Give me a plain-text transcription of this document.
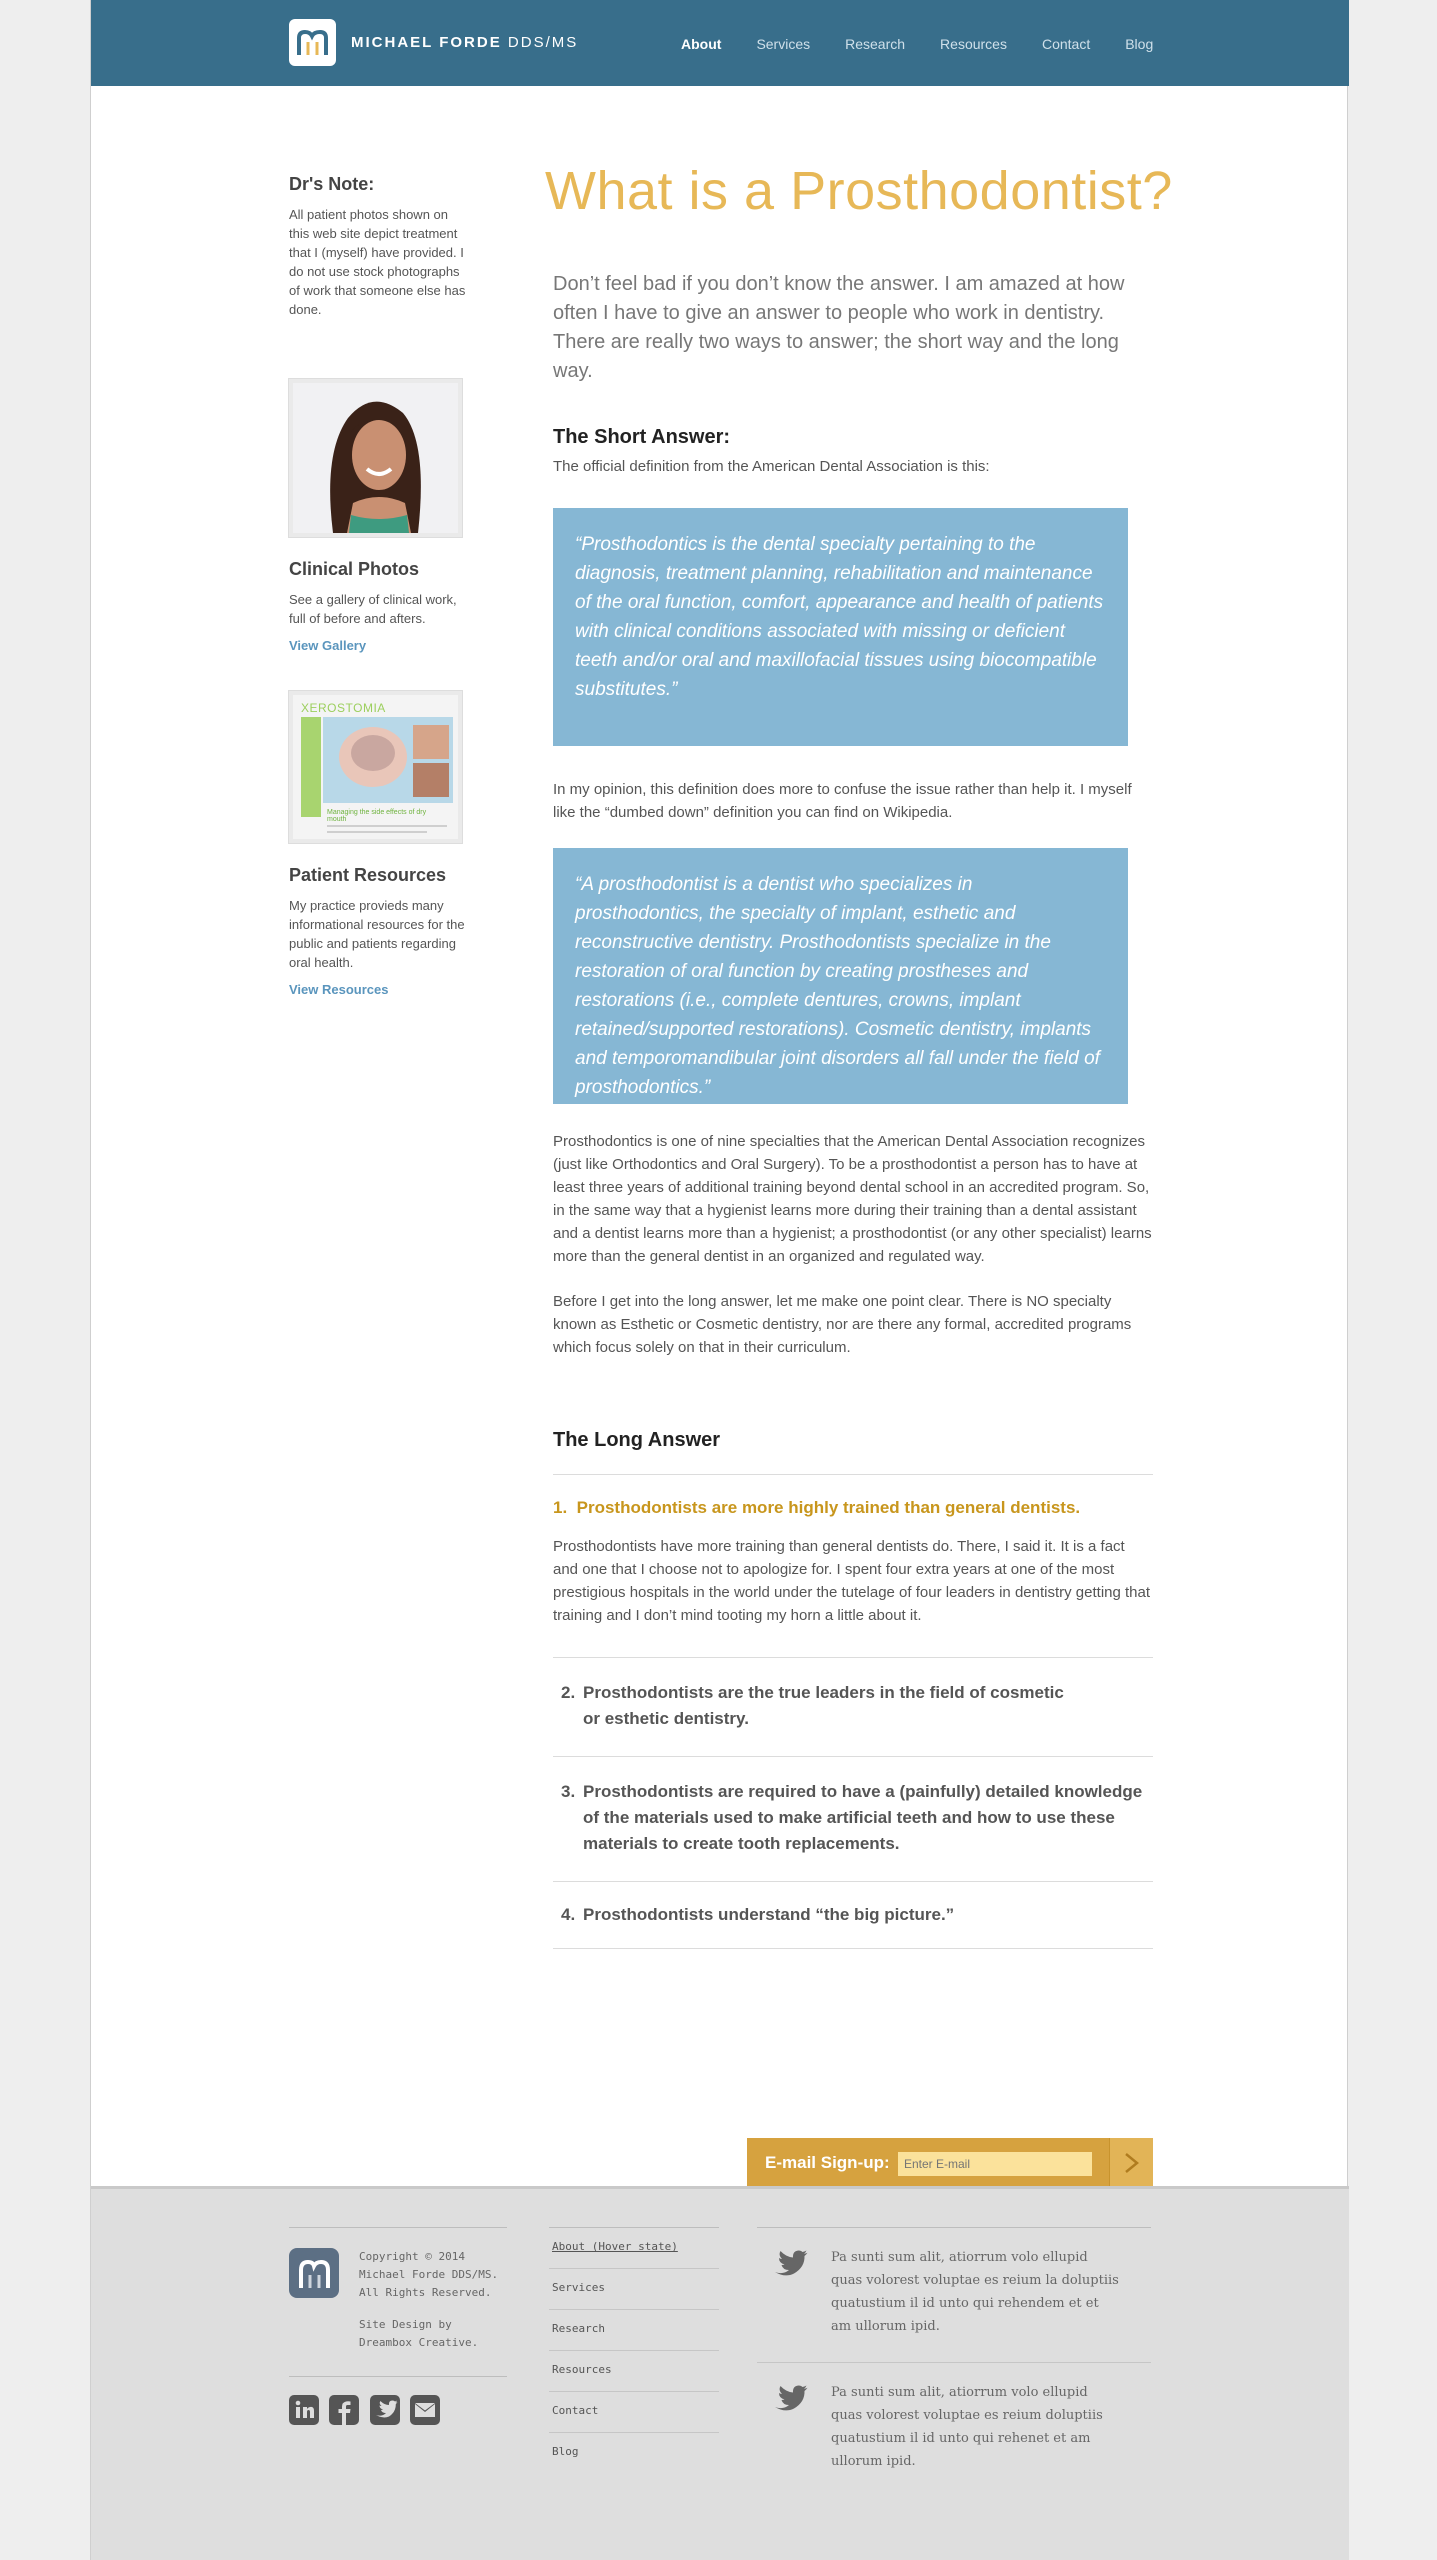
MICHAEL FORDE DDS/MS	About	Services	Research	Resources	Contact	Blog
Dr's Note:

All patient photos shown on this web site depict treatment that I (myself) have provided. I do not use stock photographs of work that someone else has done.

Clinical Photos

See a gallery of clinical work, full of before and afters.

View Gallery
XEROSTOMIA
Managing the side effects of dry mouth
Patient Resources

My practice provieds many informational resources for the public and patients regarding oral health.

View Resources
What is a Prosthodontist?

Don’t feel bad if you don’t know the answer. I am amazed at how often I have to give an answer to people who work in dentistry. There are really two ways to answer; the short way and the long way.

The Short Answer:

The official definition from the American Dental Association is this:

“Prosthodontics is the dental specialty pertaining to the diagnosis, treatment planning, rehabilitation and maintenance of the oral function, comfort, appearance and health of patients with clinical conditions associated with missing or deficient teeth and/or oral and maxillofacial tissues using biocompatible substitutes.”

In my opinion, this definition does more to confuse the issue rather than help it. I myself like the “dumbed down” definition you can find on Wikipedia.

“A prosthodontist is a dentist who specializes in prosthodontics, the specialty of implant, esthetic and reconstructive dentistry. Prosthodontists specialize in the restoration of oral function by creating prostheses and restorations (i.e., complete dentures, crowns, implant retained/supported restorations). Cosmetic dentistry, implants and temporomandibular joint disorders all fall under the field of prosthodontics.”

Prosthodontics is one of nine specialties that the American Dental Association recognizes (just like Orthodontics and Oral Surgery). To be a prosthodontist a person has to have at least three years of additional training beyond dental school in an accredited program. So, in the same way that a hygienist learns more during their training than a dental assistant and a dentist learns more than a hygienist; a prosthodontist (or any other specialist) learns more than the general dentist in an organized and regulated way.

Before I get into the long answer, let me make one point clear. There is NO specialty known as Esthetic or Cosmetic dentistry, nor are there any formal, accredited programs which focus solely on that in their curriculum.

The Long Answer
1. Prosthodontists are more highly trained than general dentists.

Prosthodontists have more training than general dentists do. There, I said it. It is a fact and one that I choose not to apologize for. I spent four extra years at one of the most prestigious hospitals in the world under the tutelage of four leaders in dentistry getting that training and I don’t mind tooting my horn a little about it.

2. Prosthodontists are the true leaders in the field of cosmetic or esthetic dentistry.
3. Prosthodontists are required to have a (painfully) detailed knowledge of the materials used to make artificial teeth and how to use these materials to create tooth replacements.
4. Prosthodontists understand “the big picture.”
E-mail Sign-up:
Enter E-mail

Copyright © 2014 Michael Forde DDS/MS. All Rights Reserved.

Site Design by Dreambox Creative.

About (Hover state)
Services
Research
Resources
Contact
Blog

Pa sunti sum alit, atiorrum volo ellupid quas volorest voluptae es reium la doluptiis quatustium il id unto qui rehendem et et am ullorum ipid.

Pa sunti sum alit, atiorrum volo ellupid quas volorest voluptae es reium doluptiis quatustium il id unto qui rehenet et am ullorum ipid.
